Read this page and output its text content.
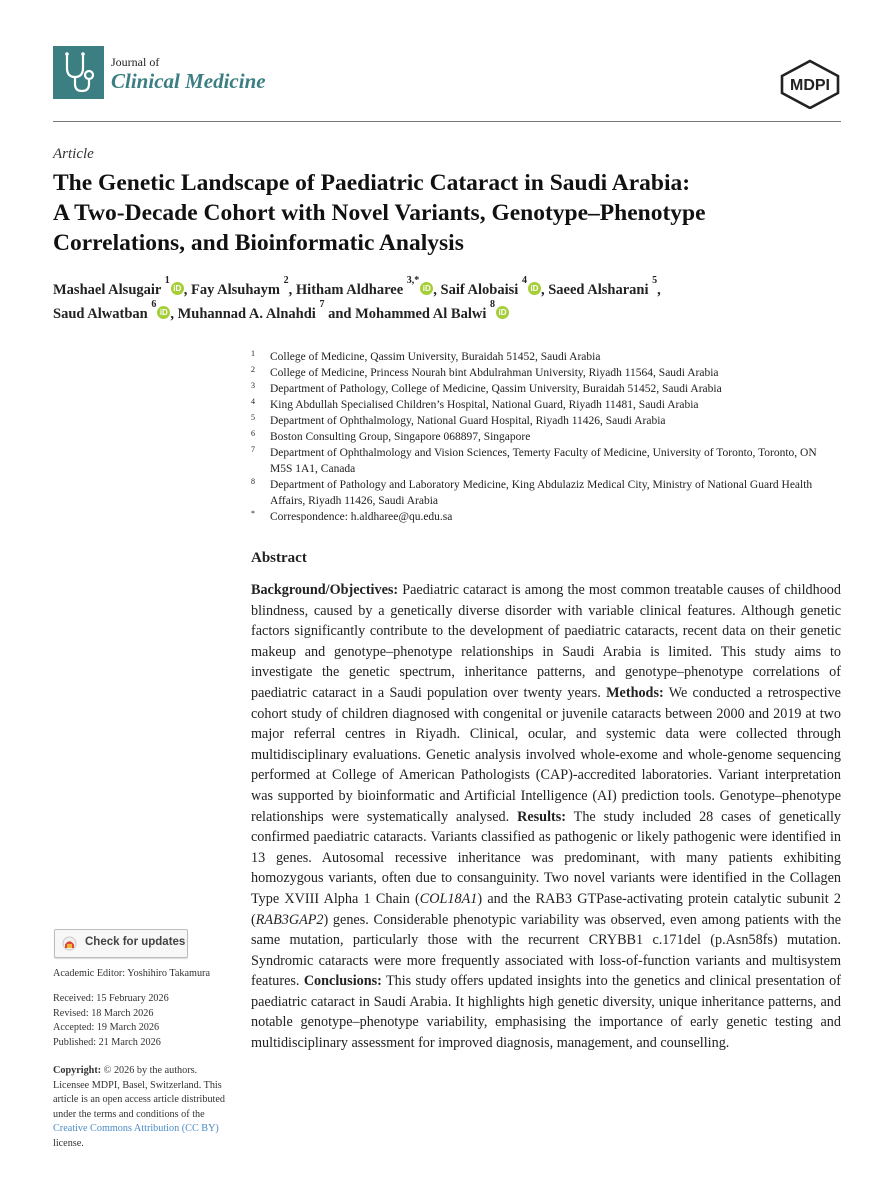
Journal of
Clinical Medicine	MDPI
Article
The Genetic Landscape of Paediatric Cataract in Saudi Arabia:
A Two-Decade Cohort with Novel Variants, Genotype–Phenotype
Correlations, and Bioinformatic Analysis
Mashael Alsugair $^1$iD , Fay Alsuhaym $^2$, Hitham Aldharee $^{3,*}$iD , Saif Alobaisi $^4$iD , Saeed Alsharani $^5$,
Saud Alwatban $^6$iD , Muhannad A. Alnahdi $^7$ and Mohammed Al Balwi $^8$iD
1 College of Medicine, Qassim University, Buraidah 51452, Saudi Arabia
2 College of Medicine, Princess Nourah bint Abdulrahman University, Riyadh 11564, Saudi Arabia
3 Department of Pathology, College of Medicine, Qassim University, Buraidah 51452, Saudi Arabia
4 King Abdullah Specialised Children’s Hospital, National Guard, Riyadh 11481, Saudi Arabia
5 Department of Ophthalmology, National Guard Hospital, Riyadh 11426, Saudi Arabia
6 Boston Consulting Group, Singapore 068897, Singapore
7 Department of Ophthalmology and Vision Sciences, Temerty Faculty of Medicine, University of Toronto, Toronto, ON M5S 1A1, Canada
8 Department of Pathology and Laboratory Medicine, King Abdulaziz Medical City, Ministry of National Guard Health Affairs, Riyadh 11426, Saudi Arabia
* Correspondence: h.aldharee@qu.edu.sa
Abstract
Background/Objectives: Paediatric cataract is among the most common treatable causes of childhood blindness, caused by a genetically diverse disorder with variable clinical features. Although genetic factors significantly contribute to the development of paediatric cataracts, recent data on their genetic makeup and genotype–phenotype relationships in Saudi Arabia is limited. This study aims to investigate the genetic spectrum, inheritance patterns, and genotype–phenotype correlations of paediatric cataract in a Saudi population over twenty years. Methods: We conducted a retrospective cohort study of children diagnosed with congenital or juvenile cataracts between 2000 and 2019 at two major referral centres in Riyadh. Clinical, ocular, and systemic data were collected through multidisciplinary evaluations. Genetic analysis involved whole-exome and whole-genome sequencing performed at College of American Pathologists (CAP)-accredited laboratories. Variant interpretation was supported by bioinformatic and Artificial Intelligence (AI) prediction tools. Genotype–phenotype relationships were systematically analysed. Results: The study included 28 cases of genetically confirmed paediatric cataracts. Variants classified as pathogenic or likely pathogenic were identified in 13 genes. Autosomal recessive inheritance was predominant, with many patients exhibiting homozygous variants, often due to consanguinity. Two novel variants were identified in the Collagen Type XVIII Alpha 1 Chain (COL18A1) and the RAB3 GTPase-activating protein catalytic subunit 2 (RAB3GAP2) genes. Considerable phenotypic variability was observed, even among patients with the same mutation, particularly those with the recurrent CRYBB1 c.171del (p.Asn58fs) mutation. Syndromic cataracts were more frequently associated with loss-of-function variants and multisystem features. Conclusions: This study offers updated insights into the genetics and clinical presentation of paediatric cataract in Saudi Arabia. It highlights high genetic diversity, unique inheritance patterns, and notable genotype–phenotype variability, emphasising the importance of early genetic testing and multidisciplinary assessment for improved diagnosis, management, and counselling.
Check for updates
Academic Editor: Yoshihiro Takamura
Received: 15 February 2026
Revised: 18 March 2026
Accepted: 19 March 2026
Published: 21 March 2026
Copyright: © 2026 by the authors. Licensee MDPI, Basel, Switzerland. This article is an open access article distributed under the terms and conditions of the Creative Commons Attribution (CC BY) license.
